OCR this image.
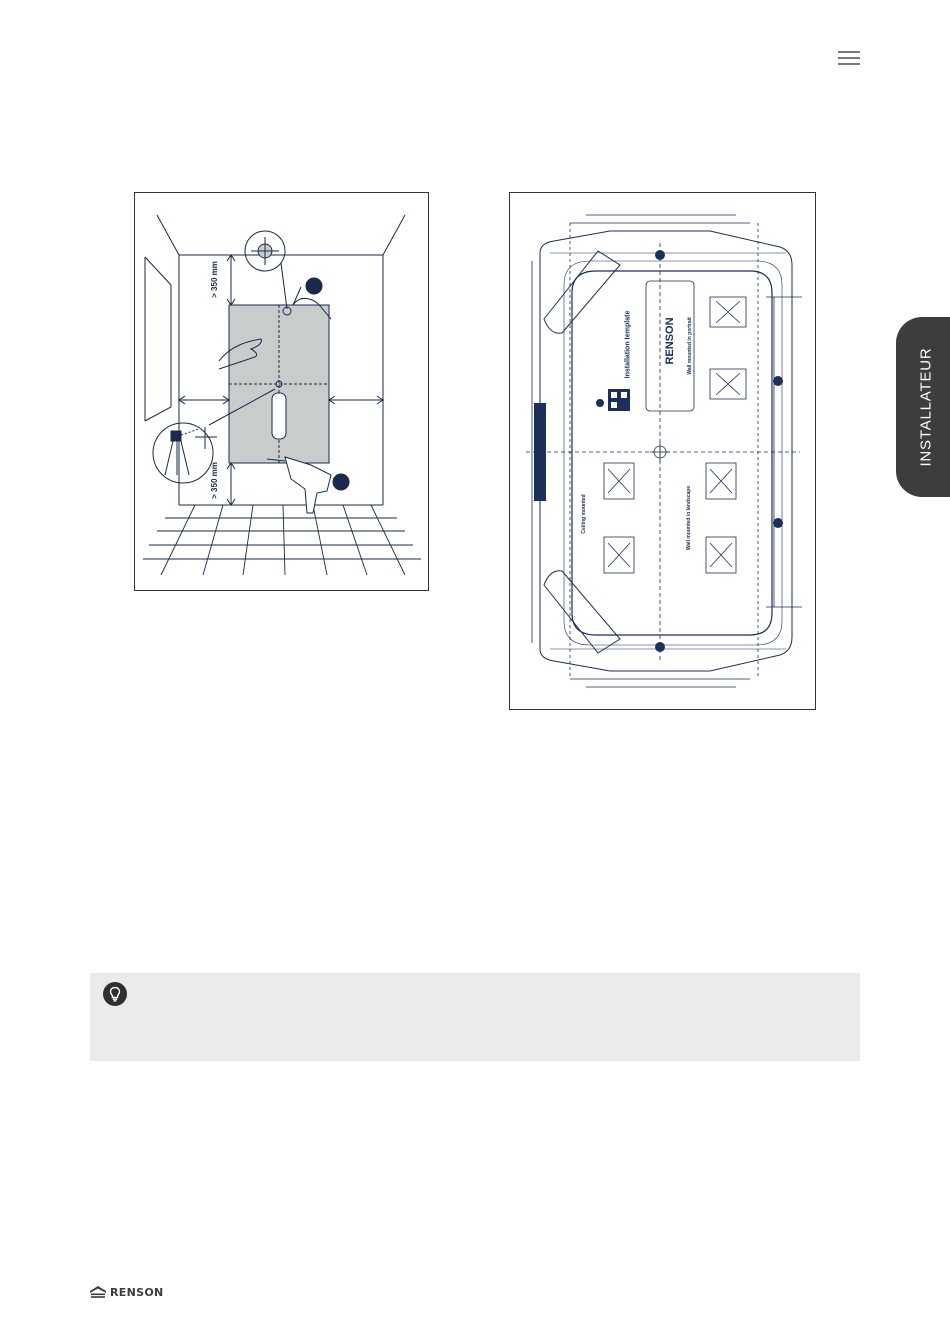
INSTALLATEUR
> 350 mm
> 350 mm
RENSON
Installation template
Ceiling mounted
Wall mounted in portrait
Wall mounted in landscape
RENSON
